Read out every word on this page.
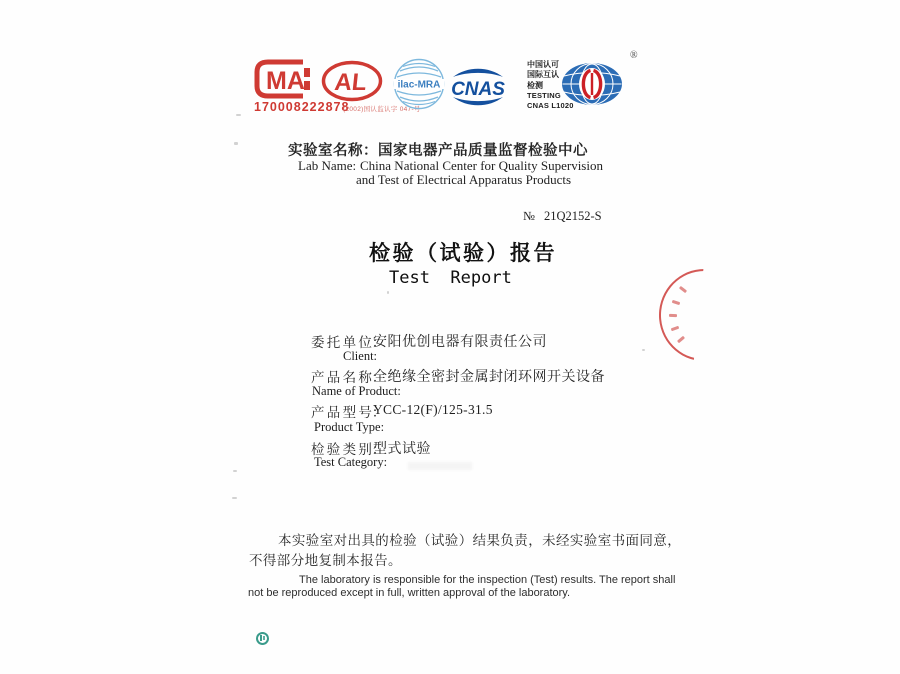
MA
170008222878
(2002)国认监认字 047-号
AL	ilac-MRA CNAS
中国认可
国际互认
检测
TESTING
CNAS L1020
®
实验室名称：国家电器产品质量监督检验中心
Lab Name: China National Center for Quality Supervision
and Test of Electrical Apparatus Products
№ 21Q2152-S
检验（试验）报告
Test  Report
委 托 单 位：
安阳优创电器有限责任公司
Client:
产 品 名 称：
全绝缘全密封金属封闭环网开关设备
Name of Product:
产 品 型 号：
YCC-12(F)/125-31.5
Product Type:
检 验 类 别：
型式试验
Test Category:
本实验室对出具的检验（试验）结果负责，未经实验室书面同意，
不得部分地复制本报告。
The laboratory is responsible for the inspection (Test) results. The report shall
not be reproduced except in full, written approval of the laboratory.
